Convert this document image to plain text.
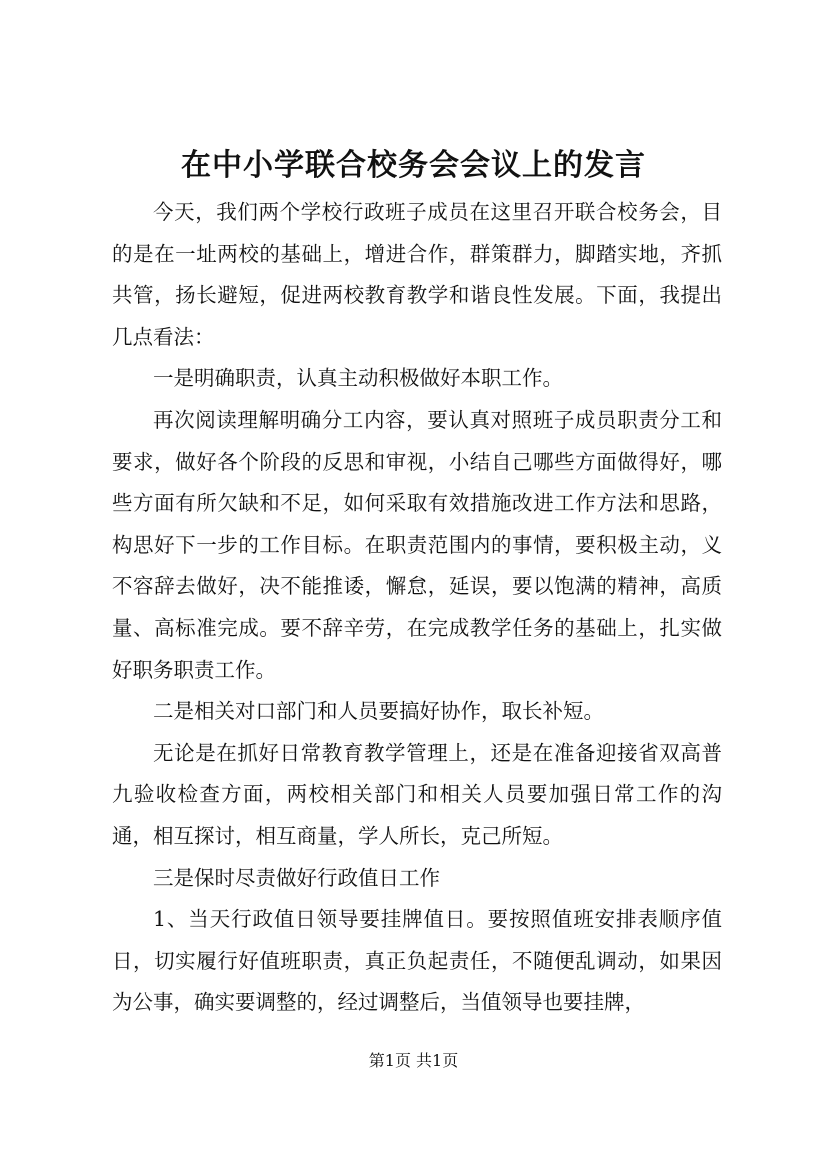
在中小学联合校务会会议上的发言

今天，我们两个学校行政班子成员在这里召开联合校务会，目的是在一址两校的基础上，增进合作，群策群力，脚踏实地，齐抓共管，扬长避短，促进两校教育教学和谐良性发展。下面，我提出几点看法：

一是明确职责，认真主动积极做好本职工作。

再次阅读理解明确分工内容，要认真对照班子成员职责分工和要求，做好各个阶段的反思和审视，小结自己哪些方面做得好，哪些方面有所欠缺和不足，如何采取有效措施改进工作方法和思路，构思好下一步的工作目标。在职责范围内的事情，要积极主动，义不容辞去做好，决不能推诿，懈怠，延误，要以饱满的精神，高质量、高标准完成。要不辞辛劳，在完成教学任务的基础上，扎实做好职务职责工作。

二是相关对口部门和人员要搞好协作，取长补短。

无论是在抓好日常教育教学管理上，还是在准备迎接省双高普九验收检查方面，两校相关部门和相关人员要加强日常工作的沟通，相互探讨，相互商量，学人所长，克己所短。

三是保时尽责做好行政值日工作

1、当天行政值日领导要挂牌值日。要按照值班安排表顺序值日，切实履行好值班职责，真正负起责任，不随便乱调动，如果因为公事，确实要调整的，经过调整后，当值领导也要挂牌，

第1页 共1页
